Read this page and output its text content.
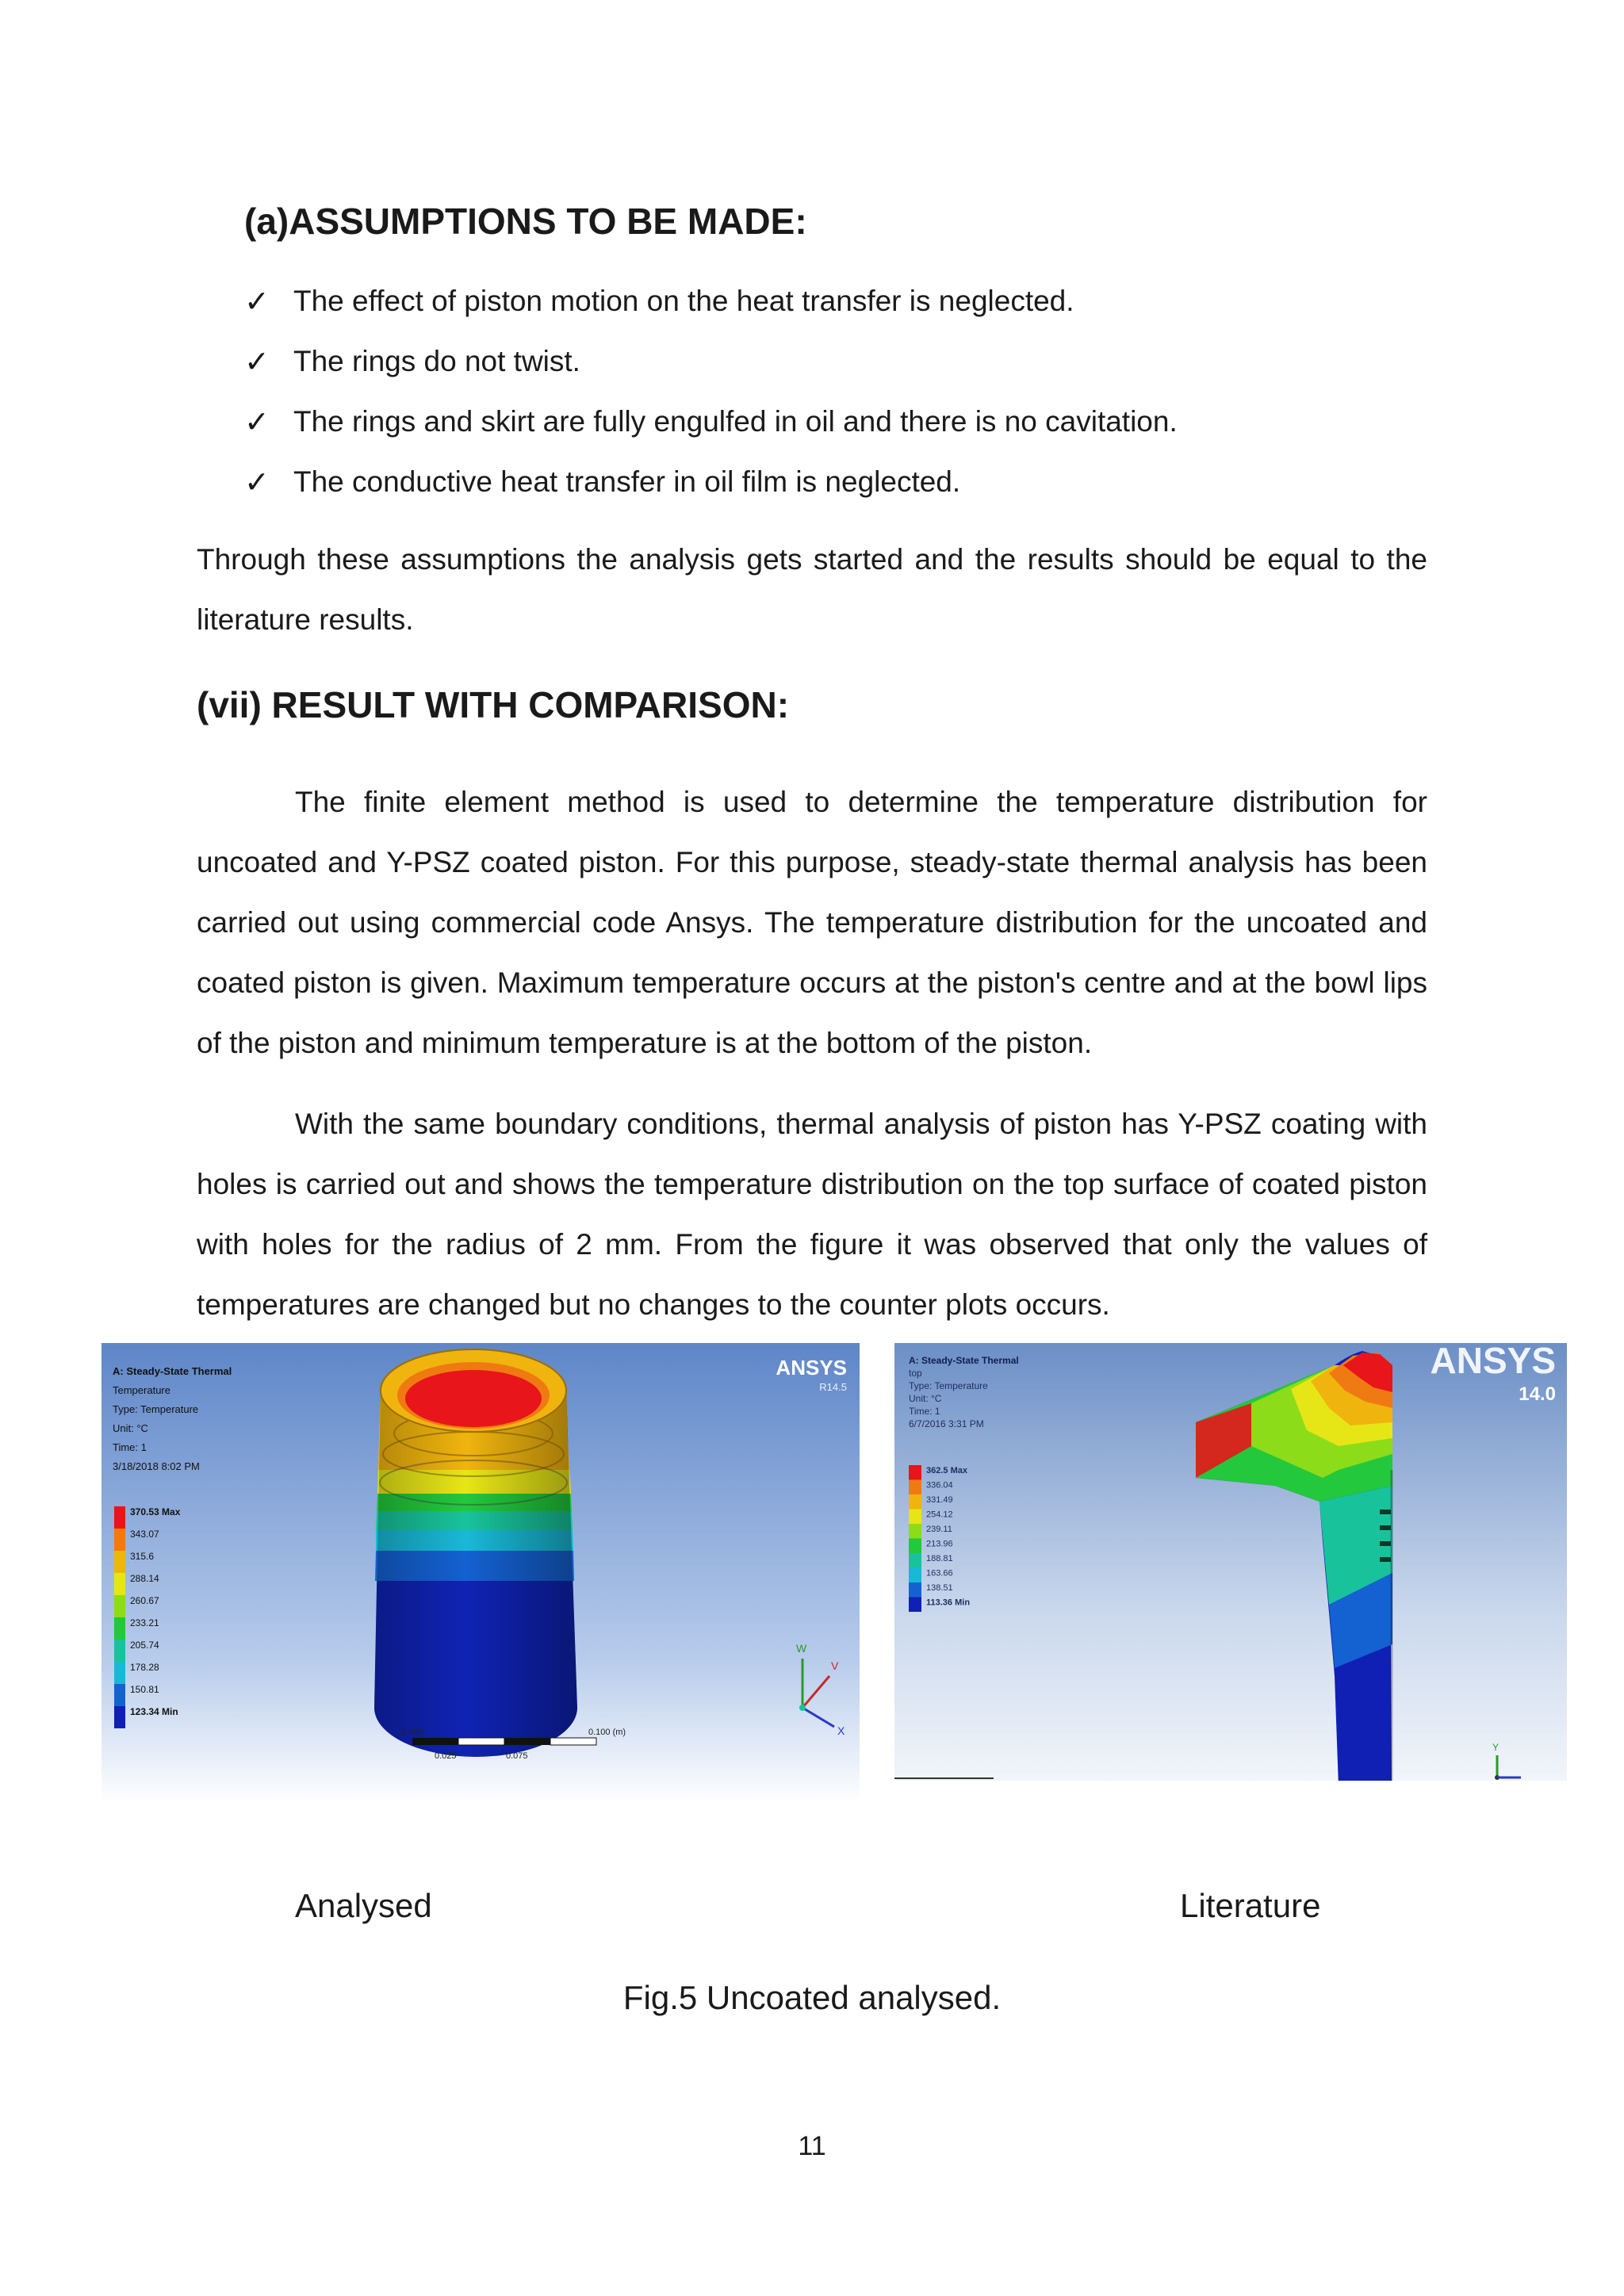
(a)ASSUMPTIONS TO BE MADE:
✓ The effect of piston motion on the heat transfer is neglected.
✓ The rings do not twist.
✓ The rings and skirt are fully engulfed in oil and there is no cavitation.
✓ The conductive heat transfer in oil film is neglected.
Through these assumptions the analysis gets started and the results should be equal to the literature results.
(vii) RESULT WITH COMPARISON:
The finite element method is used to determine the temperature distribution for uncoated and Y-PSZ coated piston. For this purpose, steady-state thermal analysis has been carried out using commercial code Ansys. The temperature distribution for the uncoated and coated piston is given. Maximum temperature occurs at the piston's centre and at the bowl lips of the piston and minimum temperature is at the bottom of the piston.
With the same boundary conditions, thermal analysis of piston has Y-PSZ coating with holes is carried out and shows the temperature distribution on the top surface of coated piston with holes for the radius of 2 mm. From the figure it was observed that only the values of temperatures are changed but no changes to the counter plots occurs.
A: Steady-State Thermal
Temperature
Type: Temperature
Unit: °C
Time: 1
3/18/2018 8:02 PM
370.53 Max
343.07
315.6
288.14
260.67
233.21
205.74
178.28
150.81
123.34 Min
ANSYS
R14.5
0.000	0.100 (m)
0.025	0.075
W
V
X
A: Steady-State Thermal
top
Type: Temperature
Unit: °C
Time: 1
6/7/2016 3:31 PM
362.5 Max
336.04
331.49
254.12
239.11
213.96
188.81
163.66
138.51
113.36 Min
ANSYS
14.0
Y
Analysed	Literature
Fig.5 Uncoated analysed.
11
